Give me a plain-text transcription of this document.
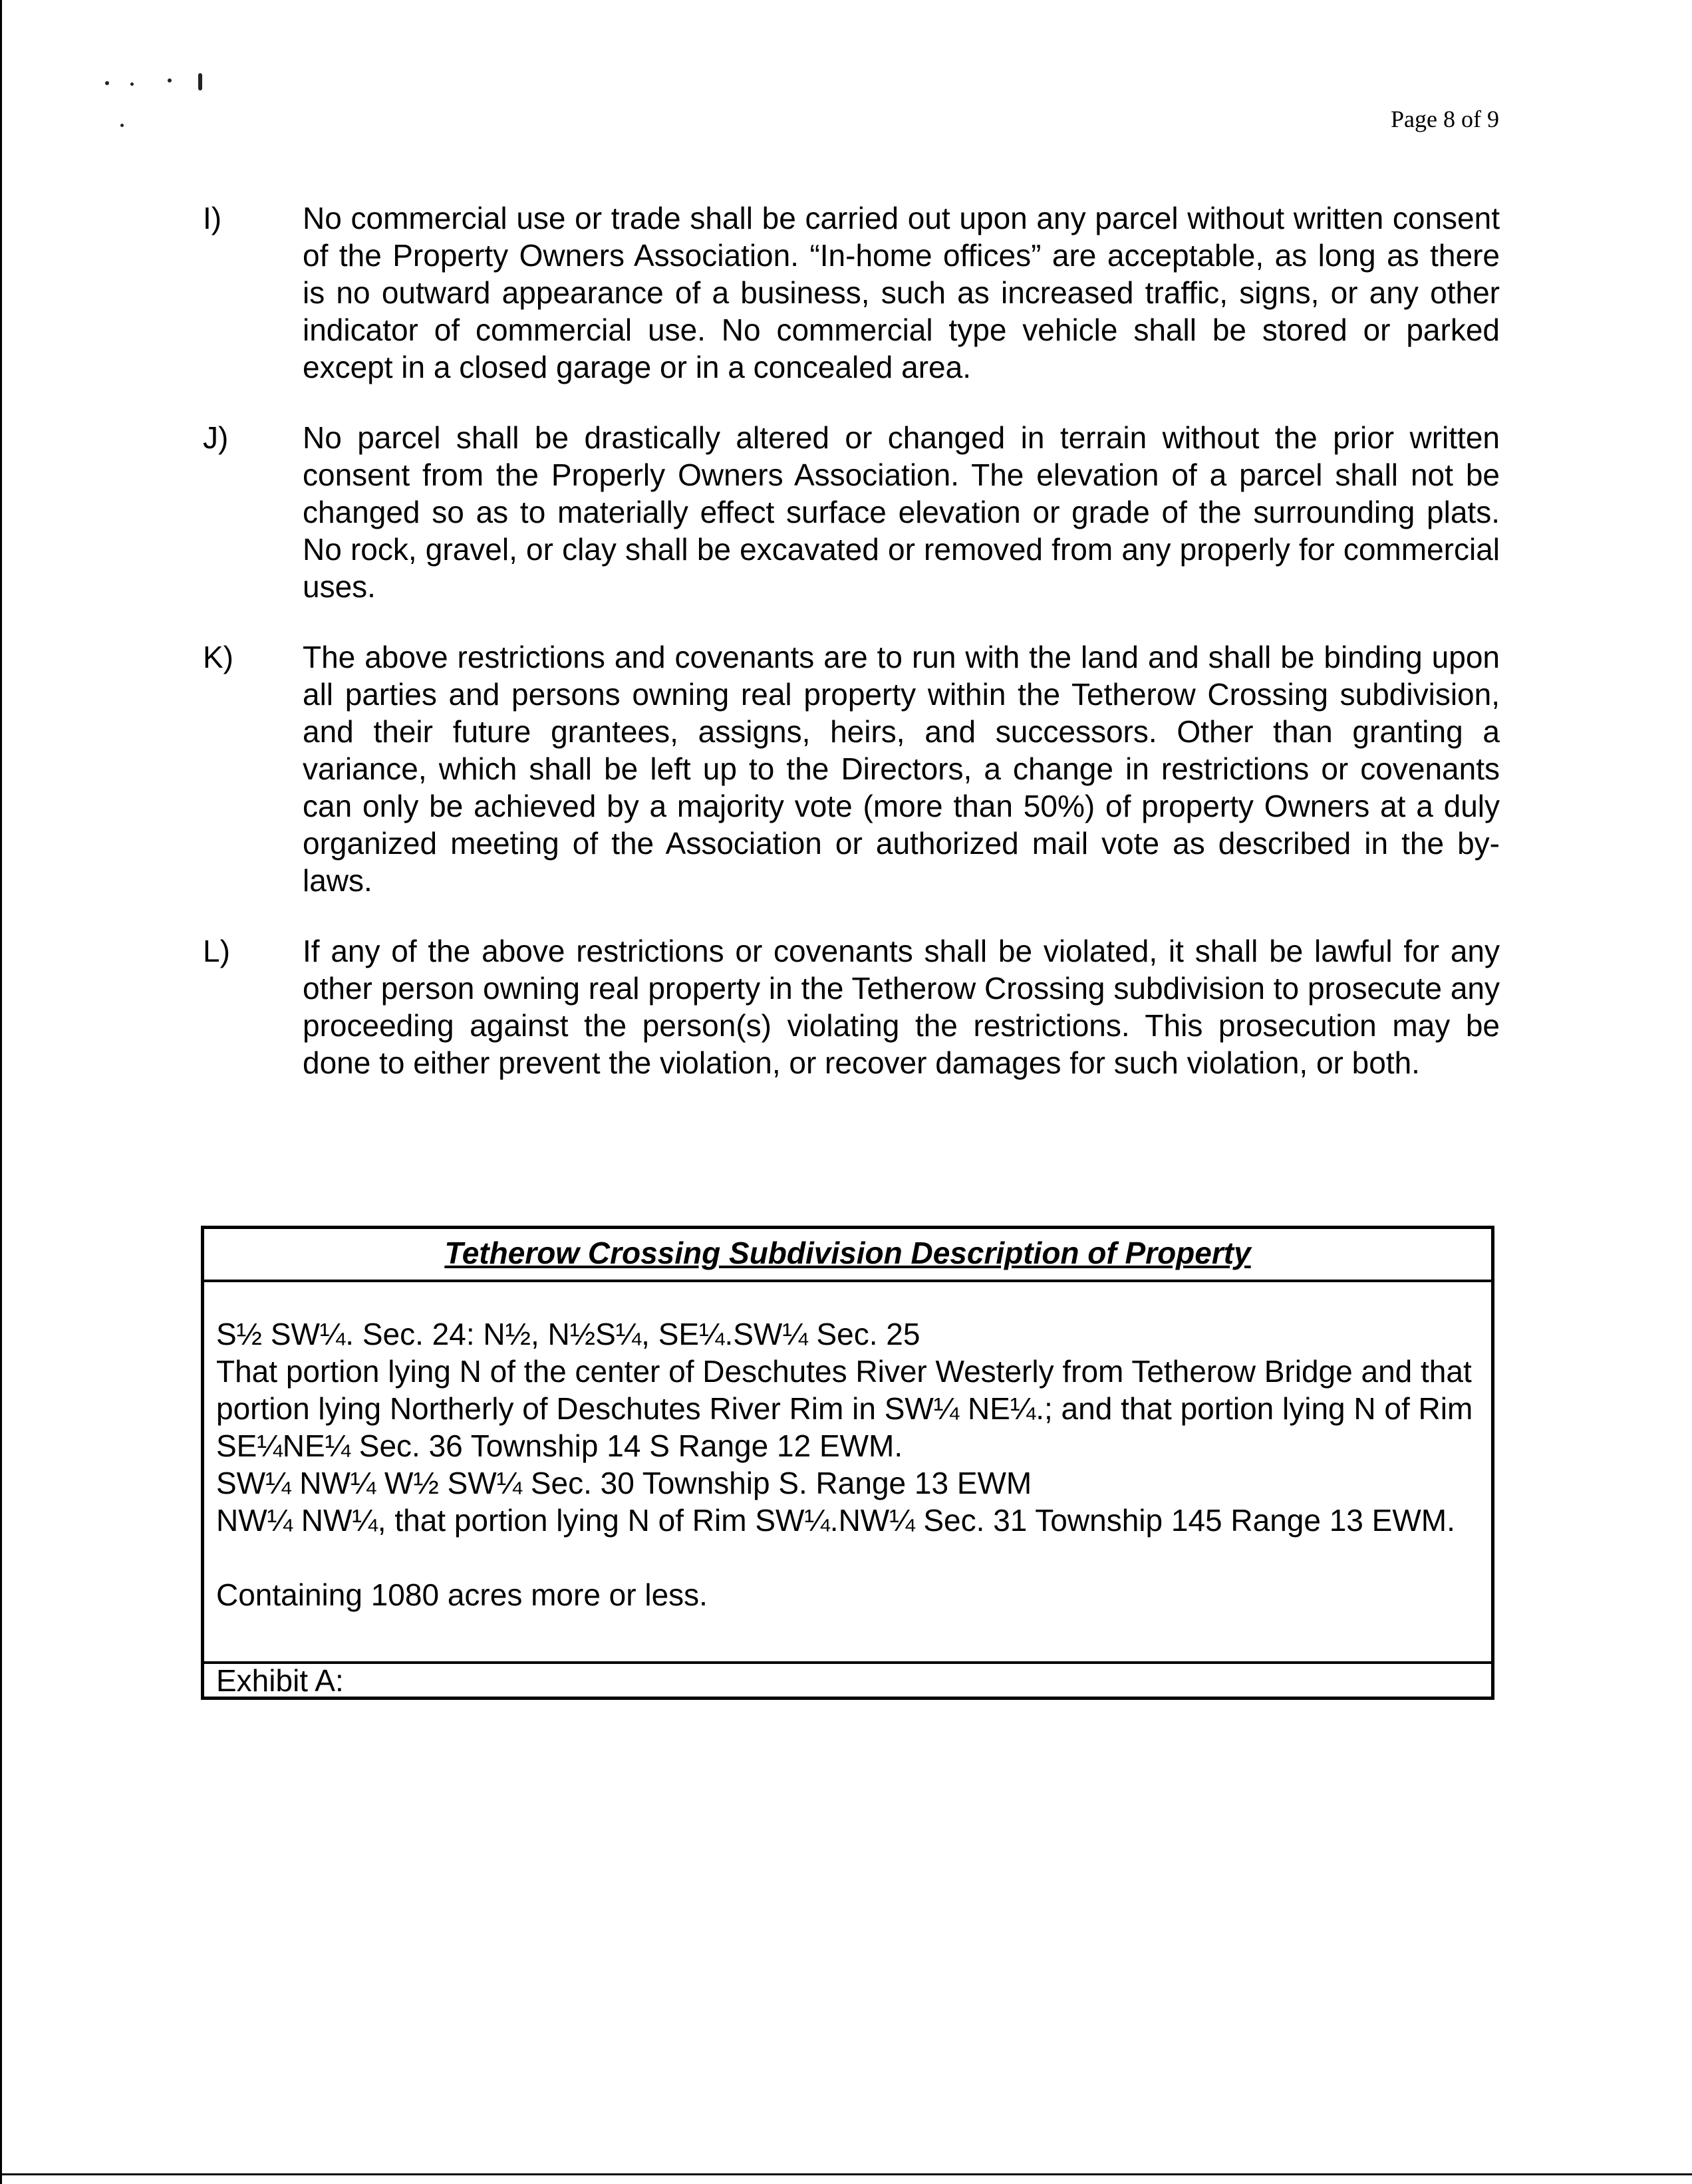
Page 8 of 9
I)	No commercial use or trade shall be carried out upon any parcel without written consent of the Property Owners Association. “In-home offices” are acceptable, as long as there is no outward appearance of a business, such as increased traffic, signs, or any other indicator of commercial use. No commercial type vehicle shall be stored or parked except in a closed garage or in a concealed area.
J)	No parcel shall be drastically altered or changed in terrain without the prior written consent from the Properly Owners Association. The elevation of a parcel shall not be changed so as to materially effect surface elevation or grade of the surrounding plats. No rock, gravel, or clay shall be excavated or removed from any properly for commercial uses.
K)	The above restrictions and covenants are to run with the land and shall be binding upon all parties and persons owning real property within the Tetherow Crossing subdivision, and their future grantees, assigns, heirs, and successors. Other than granting a variance, which shall be left up to the Directors, a change in restrictions or covenants can only be achieved by a majority vote (more than 50%) of property Owners at a duly organized meeting of the Association or authorized mail vote as described in the by-laws.
L)	If any of the above restrictions or covenants shall be violated, it shall be lawful for any other person owning real property in the Tetherow Crossing subdivision to prosecute any proceeding against the person(s) violating the restrictions. This prosecution may be done to either prevent the violation, or recover damages for such violation, or both.
Tetherow Crossing Subdivision Description of Property
S½ SW¼. Sec. 24: N½, N½S¼, SE¼.SW¼ Sec. 25
That portion lying N of the center of Deschutes River Westerly from Tetherow Bridge and that portion lying Northerly of Deschutes River Rim in SW¼ NE¼.; and that portion lying N of Rim SE¼NE¼ Sec. 36 Township 14 S Range 12 EWM.
SW¼ NW¼ W½ SW¼ Sec. 30 Township S. Range 13 EWM
NW¼ NW¼, that portion lying N of Rim SW¼.NW¼ Sec. 31 Township 145 Range 13 EWM.
Containing 1080 acres more or less.
Exhibit A:
